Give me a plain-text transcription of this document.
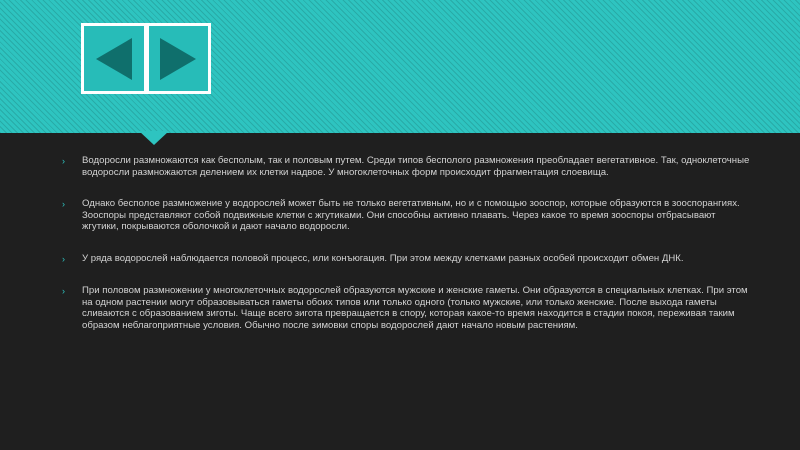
›	Водоросли размножаются как бесполым, так и половым путем. Среди типов бесполого размножения преобладает вегетативное. Так, одноклеточные водоросли размножаются делением их клетки надвое. У многоклеточных форм происходит фрагментация слоевища.

›	Однако бесполое размножение у водорослей может быть не только вегетативным, но и с помощью зооспор, которые образуются в зооспорангиях. Зооспоры представляют собой подвижные клетки с жгутиками. Они способны активно плавать. Через какое то время зооспоры отбрасывают жгутики, покрываются оболочкой и дают начало водоросли.

›	У ряда водорослей наблюдается половой процесс, или конъюгация. При этом между клетками разных особей происходит обмен ДНК.

›	При половом размножении у многоклеточных водорослей образуются мужские и женские гаметы. Они образуются в специальных клетках. При этом на одном растении могут образовываться гаметы обоих типов или только одного (только мужские, или только женские. После выхода гаметы сливаются с образованием зиготы. Чаще всего зигота превращается в спору, которая какое-то время находится в стадии покоя, переживая таким образом неблагоприятные условия. Обычно после зимовки споры водорослей дают начало новым растениям.
